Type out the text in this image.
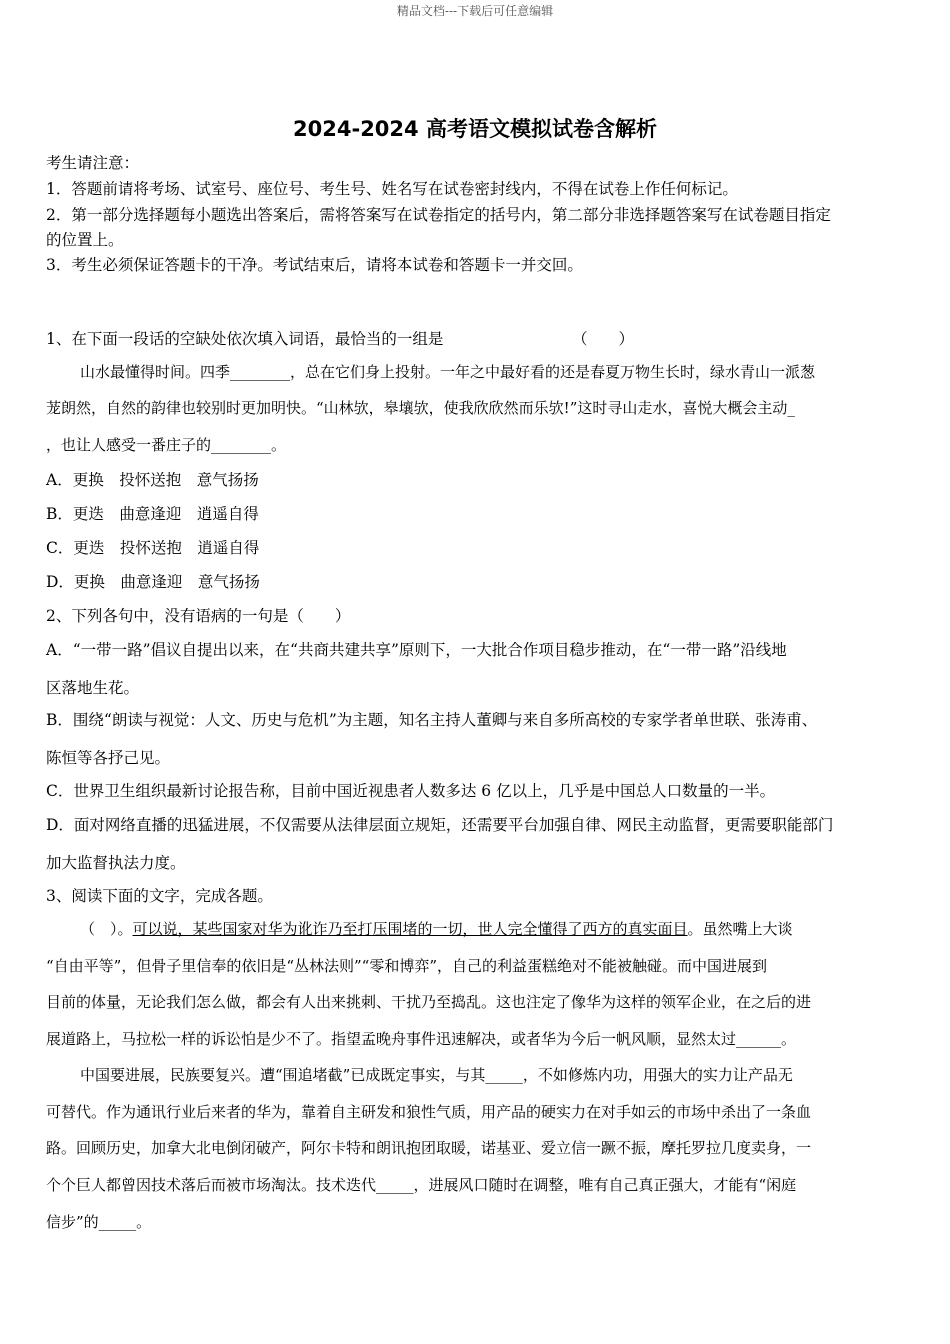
精品文档---下载后可任意编辑
2024-2024 高考语文模拟试卷含解析
考生请注意：
1．答题前请将考场、试室号、座位号、考生号、姓名写在试卷密封线内，不得在试卷上作任何标记。
2．第一部分选择题每小题选出答案后，需将答案写在试卷指定的括号内，第二部分非选择题答案写在试卷题目指定
的位置上。
3．考生必须保证答题卡的干净。考试结束后，请将本试卷和答题卡一并交回。
1、在下面一段话的空缺处依次填入词语，最恰当的一组是	（　　）
山水最懂得时间。四季________，总在它们身上投射。一年之中最好看的还是春夏万物生长时，绿水青山一派葱
茏朗然，自然的韵律也较别时更加明快。“山林欤，皋壤欤，使我欣欣然而乐欤!”这时寻山走水，喜悦大概会主动_
，也让人感受一番庄子的________。
A．更换　投怀送抱　意气扬扬
B．更迭　曲意逢迎　逍遥自得
C．更迭　投怀送抱　逍遥自得
D．更换　曲意逢迎　意气扬扬
2、下列各句中，没有语病的一句是（　　）
A．“一带一路”倡议自提出以来，在“共商共建共享”原则下，一大批合作项目稳步推动，在“一带一路”沿线地
区落地生花。
B．围绕“朗读与视觉：人文、历史与危机”为主题，知名主持人董卿与来自多所高校的专家学者单世联、张涛甫、
陈恒等各抒己见。
C．世界卫生组织最新讨论报告称，目前中国近视患者人数多达 6 亿以上，几乎是中国总人口数量的一半。
D．面对网络直播的迅猛进展，不仅需要从法律层面立规矩，还需要平台加强自律、网民主动监督，更需要职能部门
加大监督执法力度。
3、阅读下面的文字，完成各题。
（　）。可以说，某些国家对华为讹诈乃至打压围堵的一切，世人完全懂得了西方的真实面目。虽然嘴上大谈
“自由平等”，但骨子里信奉的依旧是“丛林法则”“零和博弈”，自己的利益蛋糕绝对不能被触碰。而中国进展到
目前的体量，无论我们怎么做，都会有人出来挑刺、干扰乃至捣乱。这也注定了像华为这样的领军企业，在之后的进
展道路上，马拉松一样的诉讼怕是少不了。指望孟晚舟事件迅速解决，或者华为今后一帆风顺，显然太过______。
中国要进展，民族要复兴。遭“围追堵截”已成既定事实，与其_____，不如修炼内功，用强大的实力让产品无
可替代。作为通讯行业后来者的华为，靠着自主研发和狼性气质，用产品的硬实力在对手如云的市场中杀出了一条血
路。回顾历史，加拿大北电倒闭破产，阿尔卡特和朗讯抱团取暖，诺基亚、爱立信一蹶不振，摩托罗拉几度卖身，一
个个巨人都曾因技术落后而被市场淘汰。技术迭代_____，进展风口随时在调整，唯有自己真正强大，才能有“闲庭
信步”的_____。
